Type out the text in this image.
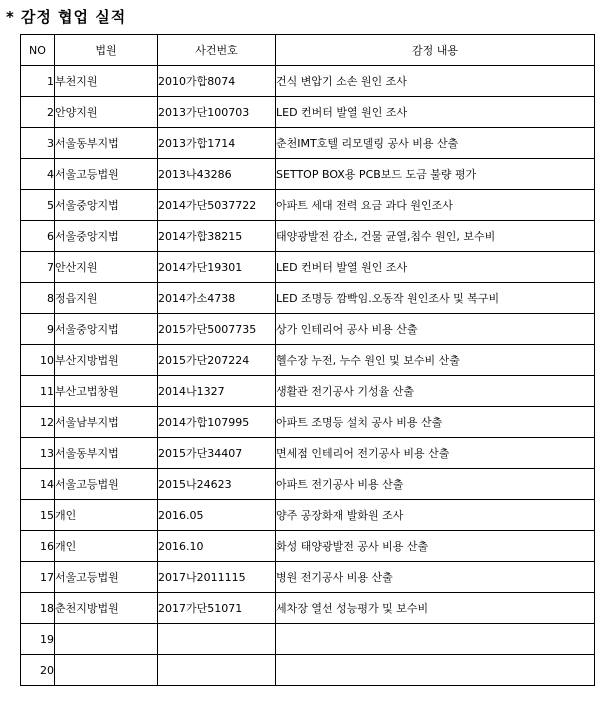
* 감정 협업 실적
NO	법원	사건번호	감정 내용
1	부천지원	2010가합8074	건식 변압기 소손 원인 조사
2	안양지원	2013가단100703	LED 컨버터 발열 원인 조사
3	서울동부지법	2013가합1714	춘천IMT호텔 리모델링 공사 비용 산출
4	서울고등법원	2013나43286	SETTOP BOX용 PCB보드 도금 불량 평가
5	서울중앙지법	2014가단5037722	아파트 세대 전력 요금 과다 원인조사
6	서울중앙지법	2014가합38215	태양광발전 감소, 건물 균열,침수 원인, 보수비
7	안산지원	2014가단19301	LED 컨버터 발열 원인 조사
8	정읍지원	2014가소4738	LED 조명등 깜빡임.오동작 원인조사 및 복구비
9	서울중앙지법	2015가단5007735	상가 인테리어 공사 비용 산출
10	부산지방법원	2015가단207224	헬수장 누전, 누수 원인 및 보수비 산출
11	부산고법창원	2014나1327	생활관 전기공사 기성율 산출
12	서울남부지법	2014가합107995	아파트 조명등 설치 공사 비용 산출
13	서울동부지법	2015가단34407	면세점 인테리어 전기공사 비용 산출
14	서울고등법원	2015나24623	아파트 전기공사 비용 산출
15	개인	2016.05	양주 공장화재 발화원 조사
16	개인	2016.10	화성 태양광발전 공사 비용 산출
17	서울고등법원	2017나2011115	병원 전기공사 비용 산출
18	춘천지방법원	2017가단51071	세차장 열선 성능평가 및 보수비
19			
20			
